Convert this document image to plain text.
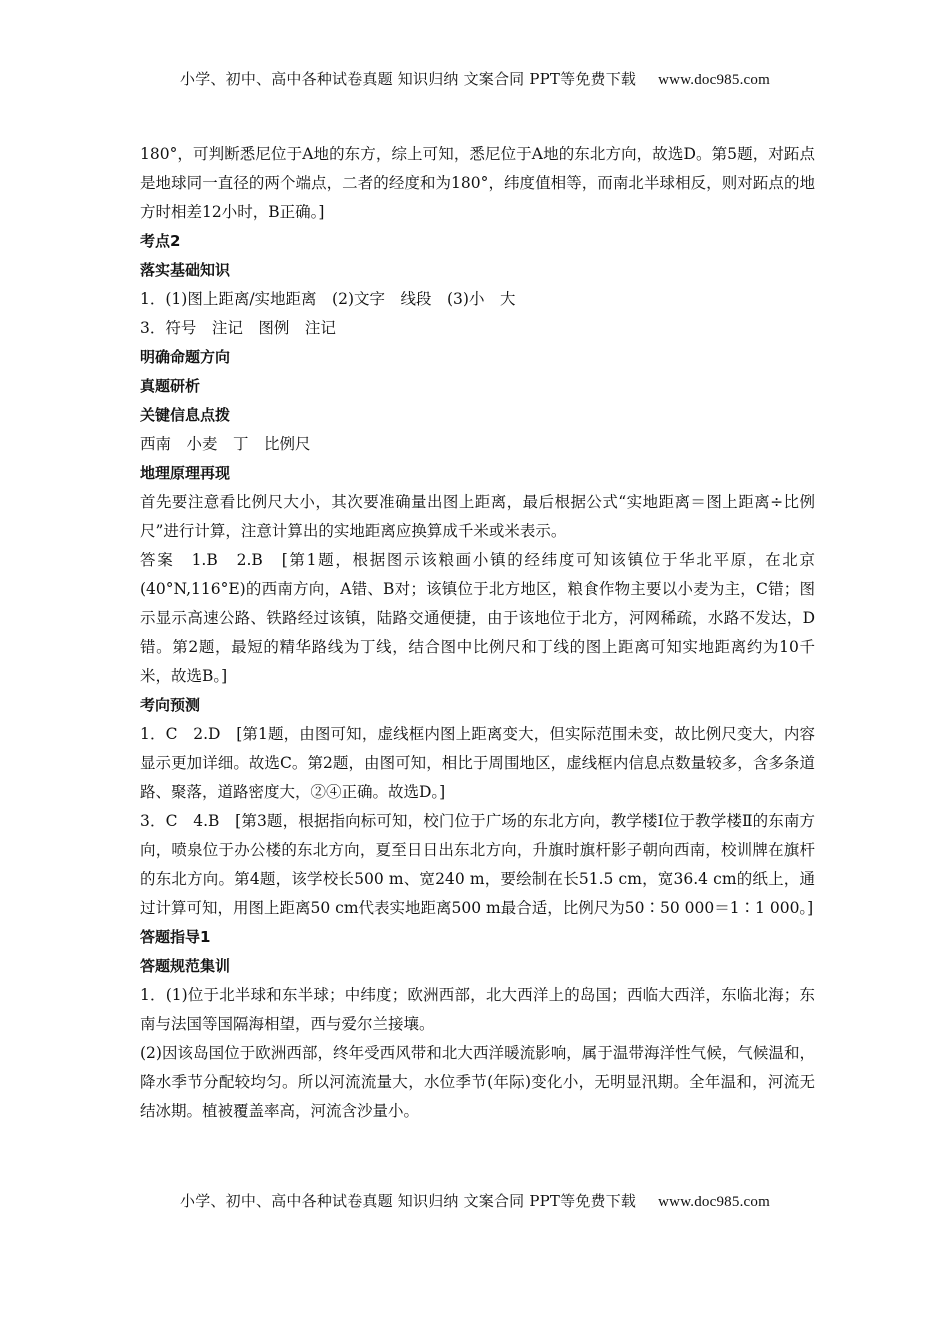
小学、初中、高中各种试卷真题 知识归纳 文案合同 PPT等免费下载 www.doc985.com

180°，可判断悉尼位于A地的东方，综上可知，悉尼位于A地的东北方向，故选D。第5题，对跖点是地球同一直径的两个端点，二者的经度和为180°，纬度值相等，而南北半球相反，则对跖点的地方时相差12小时，B正确。]

考点2

落实基础知识

1．(1)图上距离/实地距离　(2)文字　线段　(3)小　大

3．符号　注记　图例　注记

明确命题方向

真题研析

关键信息点拨

西南　小麦　丁　比例尺

地理原理再现

首先要注意看比例尺大小，其次要准确量出图上距离，最后根据公式“实地距离＝图上距离÷比例尺”进行计算，注意计算出的实地距离应换算成千米或米表示。

答案　1.B　2.B　[第1题，根据图示该粮画小镇的经纬度可知该镇位于华北平原，在北京(40°N,116°E)的西南方向，A错、B对；该镇位于北方地区，粮食作物主要以小麦为主，C错；图示显示高速公路、铁路经过该镇，陆路交通便捷，由于该地位于北方，河网稀疏，水路不发达，D错。第2题，最短的精华路线为丁线，结合图中比例尺和丁线的图上距离可知实地距离约为10千米，故选B。]

考向预测

1．C　2.D　[第1题，由图可知，虚线框内图上距离变大，但实际范围未变，故比例尺变大，内容显示更加详细。故选C。第2题，由图可知，相比于周围地区，虚线框内信息点数量较多，含多条道路、聚落，道路密度大，②④正确。故选D。]

3．C　4.B　[第3题，根据指向标可知，校门位于广场的东北方向，教学楼Ⅰ位于教学楼Ⅱ的东南方向，喷泉位于办公楼的东北方向，夏至日日出东北方向，升旗时旗杆影子朝向西南，校训牌在旗杆的东北方向。第4题，该学校长500 m、宽240 m，要绘制在长51.5 cm，宽36.4 cm的纸上，通过计算可知，用图上距离50 cm代表实地距离500 m最合适，比例尺为50∶50 000＝1∶1 000。]

答题指导1

答题规范集训

1．(1)位于北半球和东半球；中纬度；欧洲西部，北大西洋上的岛国；西临大西洋，东临北海；东南与法国等国隔海相望，西与爱尔兰接壤。

(2)因该岛国位于欧洲西部，终年受西风带和北大西洋暖流影响，属于温带海洋性气候，气候温和，降水季节分配较均匀。所以河流流量大，水位季节(年际)变化小，无明显汛期。全年温和，河流无结冰期。植被覆盖率高，河流含沙量小。

小学、初中、高中各种试卷真题 知识归纳 文案合同 PPT等免费下载 www.doc985.com
